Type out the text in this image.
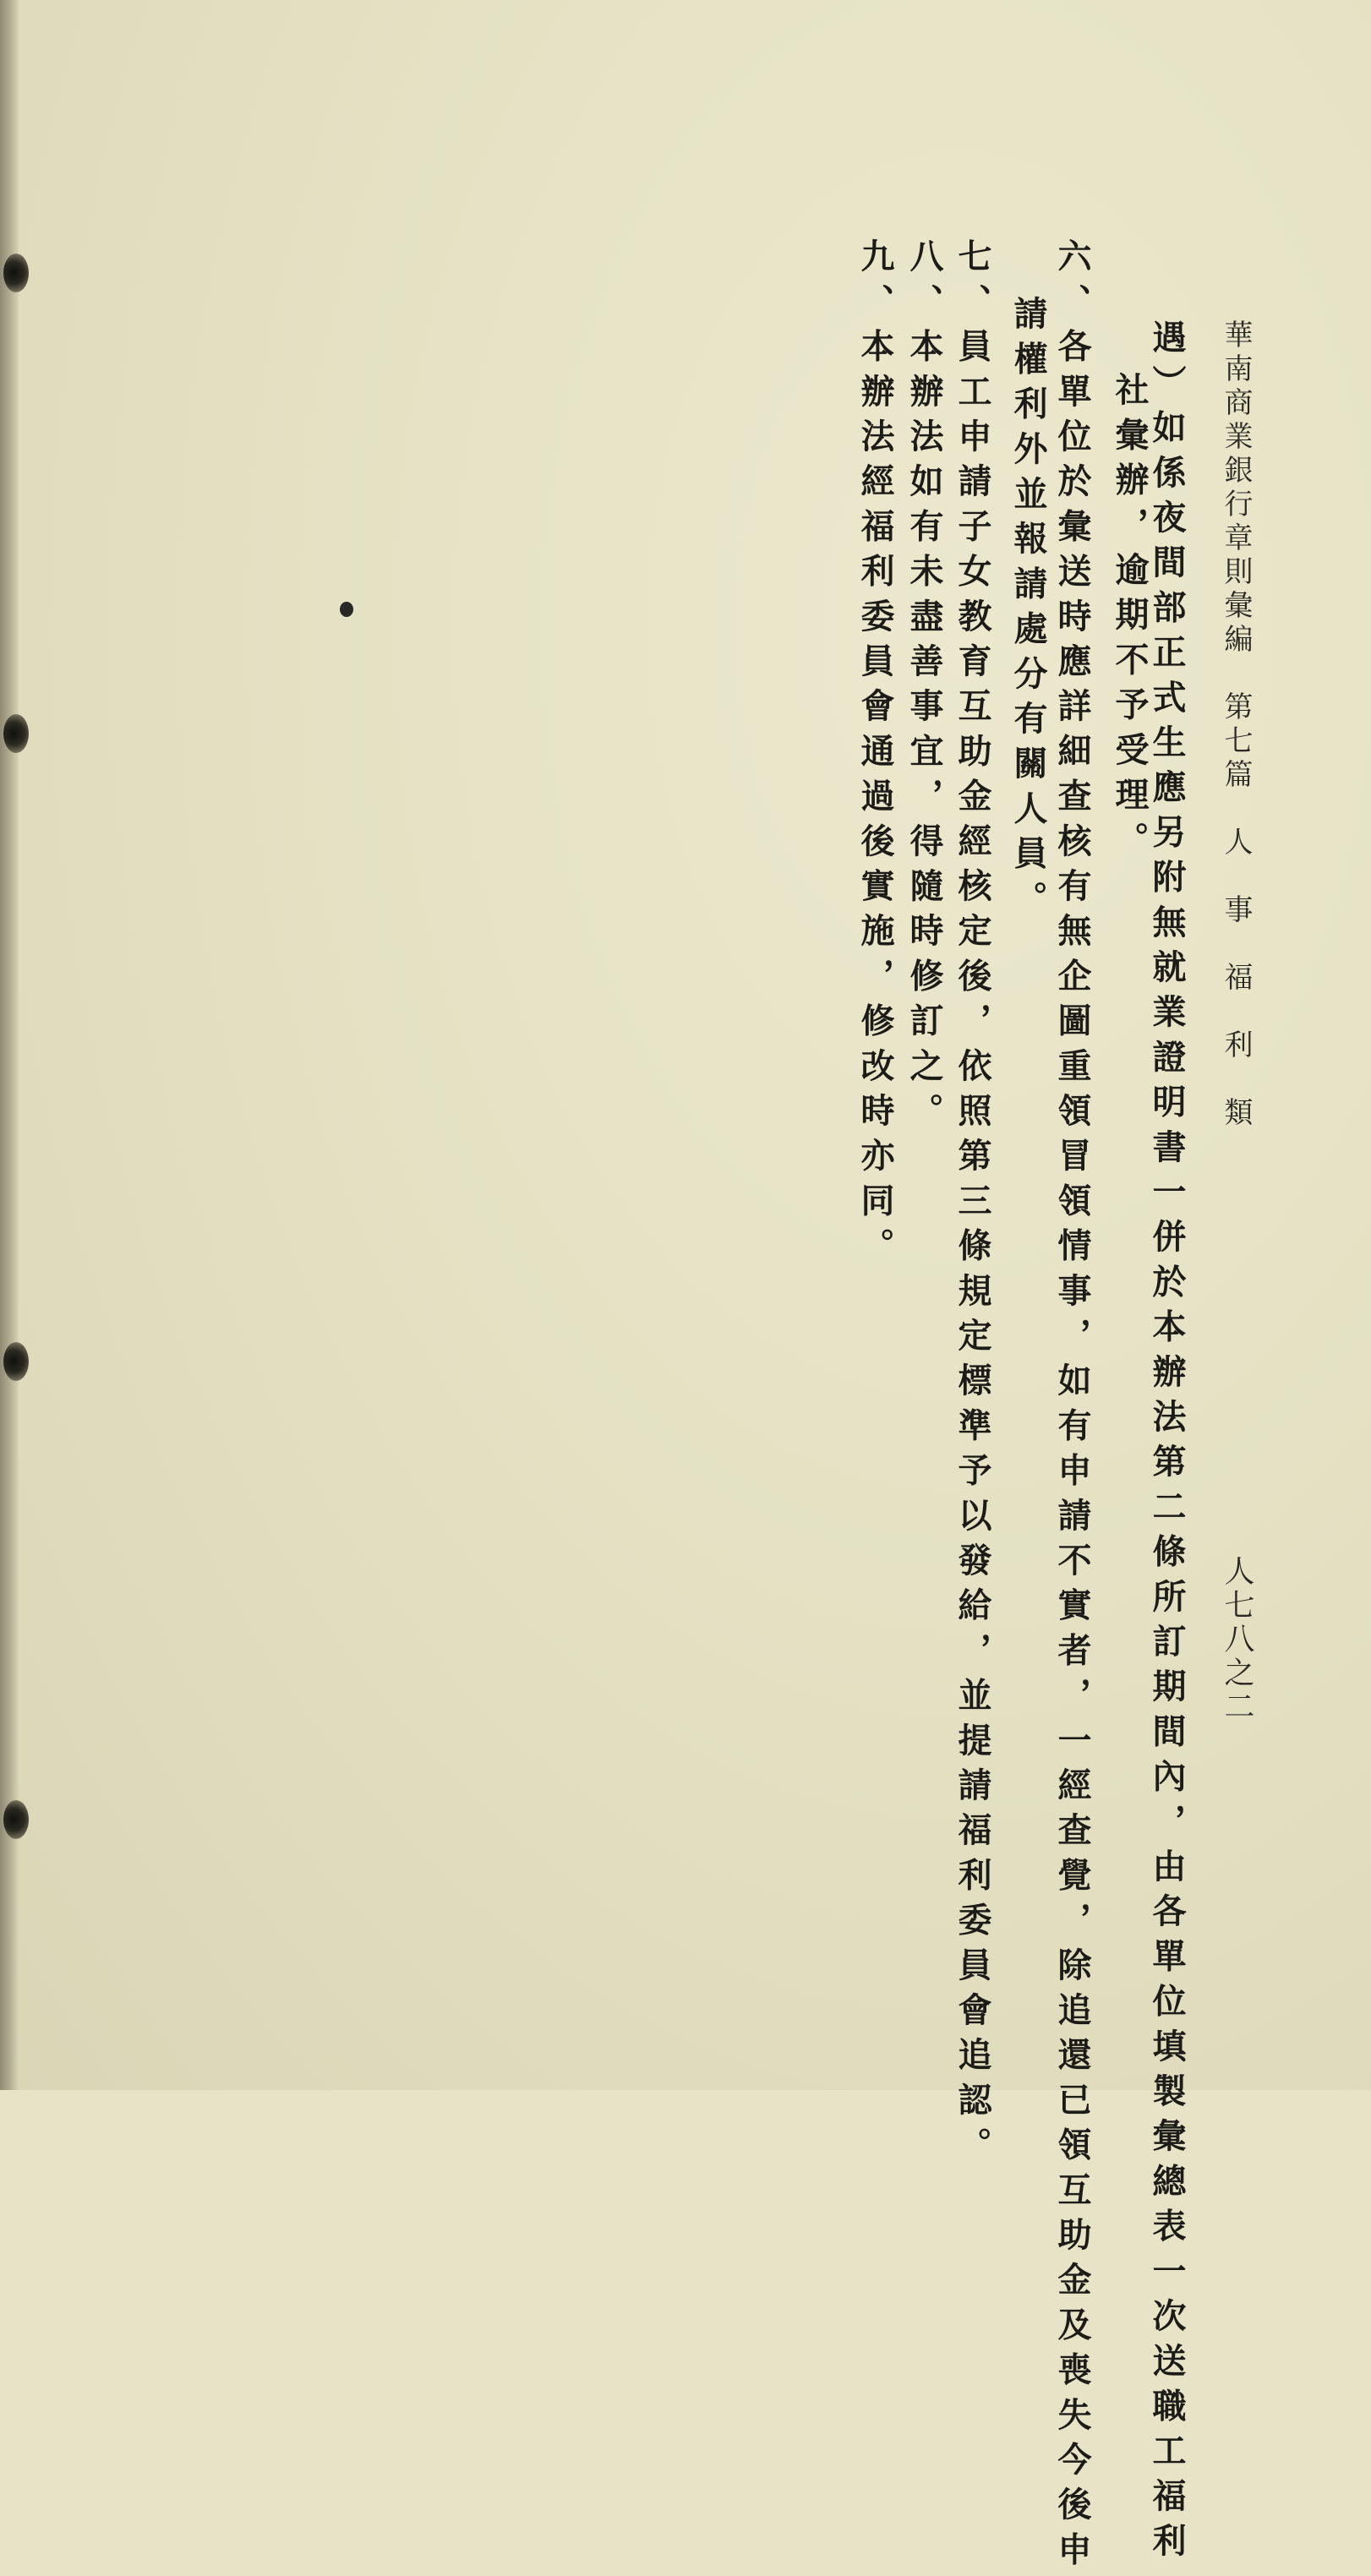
華南商業銀行章則彙編　第七篇　人　事　福　利　類
人七八之二
遇）如係夜間部正式生應另附無就業證明書一併於本辦法第二條所訂期間內，由各單位填製彙總表一次送職工福利
社彙辦，逾期不予受理。
六、各單位於彙送時應詳細查核有無企圖重領冒領情事，如有申請不實者，一經查覺，除追還已領互助金及喪失今後申
請權利外並報請處分有關人員。
七、員工申請子女教育互助金經核定後，依照第三條規定標準予以發給，並提請福利委員會追認。
八、本辦法如有未盡善事宜，得隨時修訂之。
九、本辦法經福利委員會通過後實施，修改時亦同。
